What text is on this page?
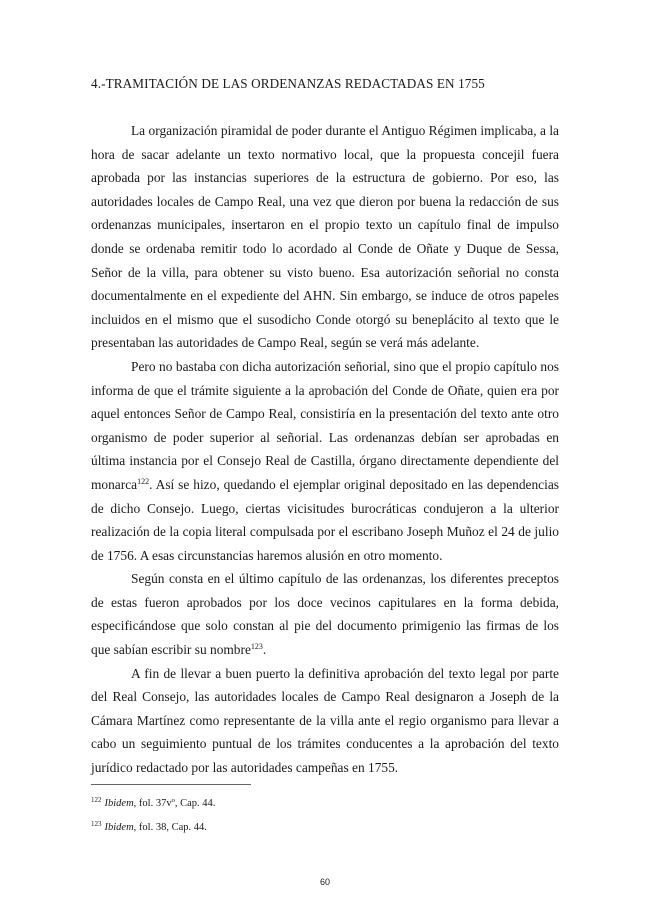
4.-TRAMITACIÓN DE LAS ORDENANZAS REDACTADAS EN 1755

La organización piramidal de poder durante el Antiguo Régimen implicaba, a la hora de sacar adelante un texto normativo local, que la propuesta concejil fuera aprobada por las instancias superiores de la estructura de gobierno. Por eso, las autoridades locales de Campo Real, una vez que dieron por buena la redacción de sus ordenanzas municipales, insertaron en el propio texto un capítulo final de impulso donde se ordenaba remitir todo lo acordado al Conde de Oñate y Duque de Sessa, Señor de la villa, para obtener su visto bueno. Esa autorización señorial no consta documentalmente en el expediente del AHN. Sin embargo, se induce de otros papeles incluidos en el mismo que el susodicho Conde otorgó su beneplácito al texto que le presentaban las autoridades de Campo Real, según se verá más adelante.

Pero no bastaba con dicha autorización señorial, sino que el propio capítulo nos informa de que el trámite siguiente a la aprobación del Conde de Oñate, quien era por aquel entonces Señor de Campo Real, consistiría en la presentación del texto ante otro organismo de poder superior al señorial. Las ordenanzas debían ser aprobadas en última instancia por el Consejo Real de Castilla, órgano directamente dependiente del monarca$^{122}$. Así se hizo, quedando el ejemplar original depositado en las dependencias de dicho Consejo. Luego, ciertas vicisitudes burocráticas condujeron a la ulterior realización de la copia literal compulsada por el escribano Joseph Muñoz el 24 de julio de 1756. A esas circunstancias haremos alusión en otro momento.

Según consta en el último capítulo de las ordenanzas, los diferentes preceptos de estas fueron aprobados por los doce vecinos capitulares en la forma debida, especificándose que solo constan al pie del documento primigenio las firmas de los que sabían escribir su nombre$^{123}$.

A fin de llevar a buen puerto la definitiva aprobación del texto legal por parte del Real Consejo, las autoridades locales de Campo Real designaron a Joseph de la Cámara Martínez como representante de la villa ante el regio organismo para llevar a cabo un seguimiento puntual de los trámites conducentes a la aprobación del texto jurídico redactado por las autoridades campeñas en 1755.

$^{122}$ Ibidem, fol. 37vº, Cap. 44.
$^{123}$ Ibidem, fol. 38, Cap. 44.
60
